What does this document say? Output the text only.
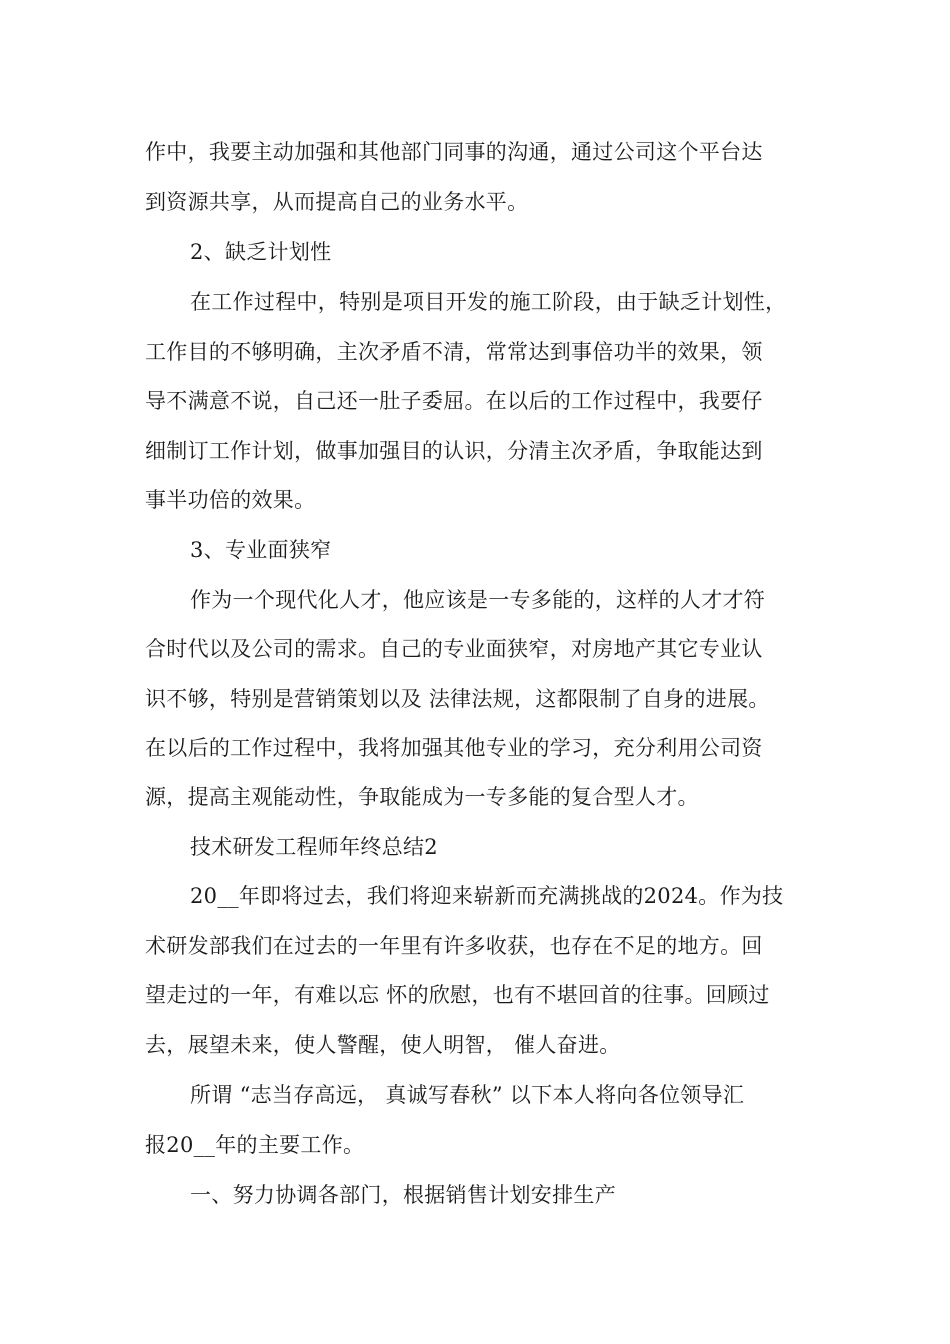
作中，我要主动加强和其他部门同事的沟通，通过公司这个平台达
到资源共享，从而提高自己的业务水平。
2、缺乏计划性
在工作过程中，特别是项目开发的施工阶段，由于缺乏计划性，
工作目的不够明确，主次矛盾不清，常常达到事倍功半的效果，领
导不满意不说，自己还一肚子委屈。在以后的工作过程中，我要仔
细制订工作计划，做事加强目的认识，分清主次矛盾，争取能达到
事半功倍的效果。
3、专业面狭窄
作为一个现代化人才，他应该是一专多能的，这样的人才才符
合时代以及公司的需求。自己的专业面狭窄，对房地产其它专业认
识不够，特别是营销策划以及 法律法规，这都限制了自身的进展。
在以后的工作过程中，我将加强其他专业的学习，充分利用公司资
源，提高主观能动性，争取能成为一专多能的复合型人才。
技术研发工程师年终总结2
20__年即将过去，我们将迎来崭新而充满挑战的2024。作为技
术研发部我们在过去的一年里有许多收获，也存在不足的地方。回
望走过的一年，有难以忘 怀的欣慰，也有不堪回首的往事。回顾过
去，展望未来，使人警醒，使人明智， 催人奋进。
所谓 “志当存高远， 真诚写春秋” 以下本人将向各位领导汇
报20__年的主要工作。
一、努力协调各部门，根据销售计划安排生产
